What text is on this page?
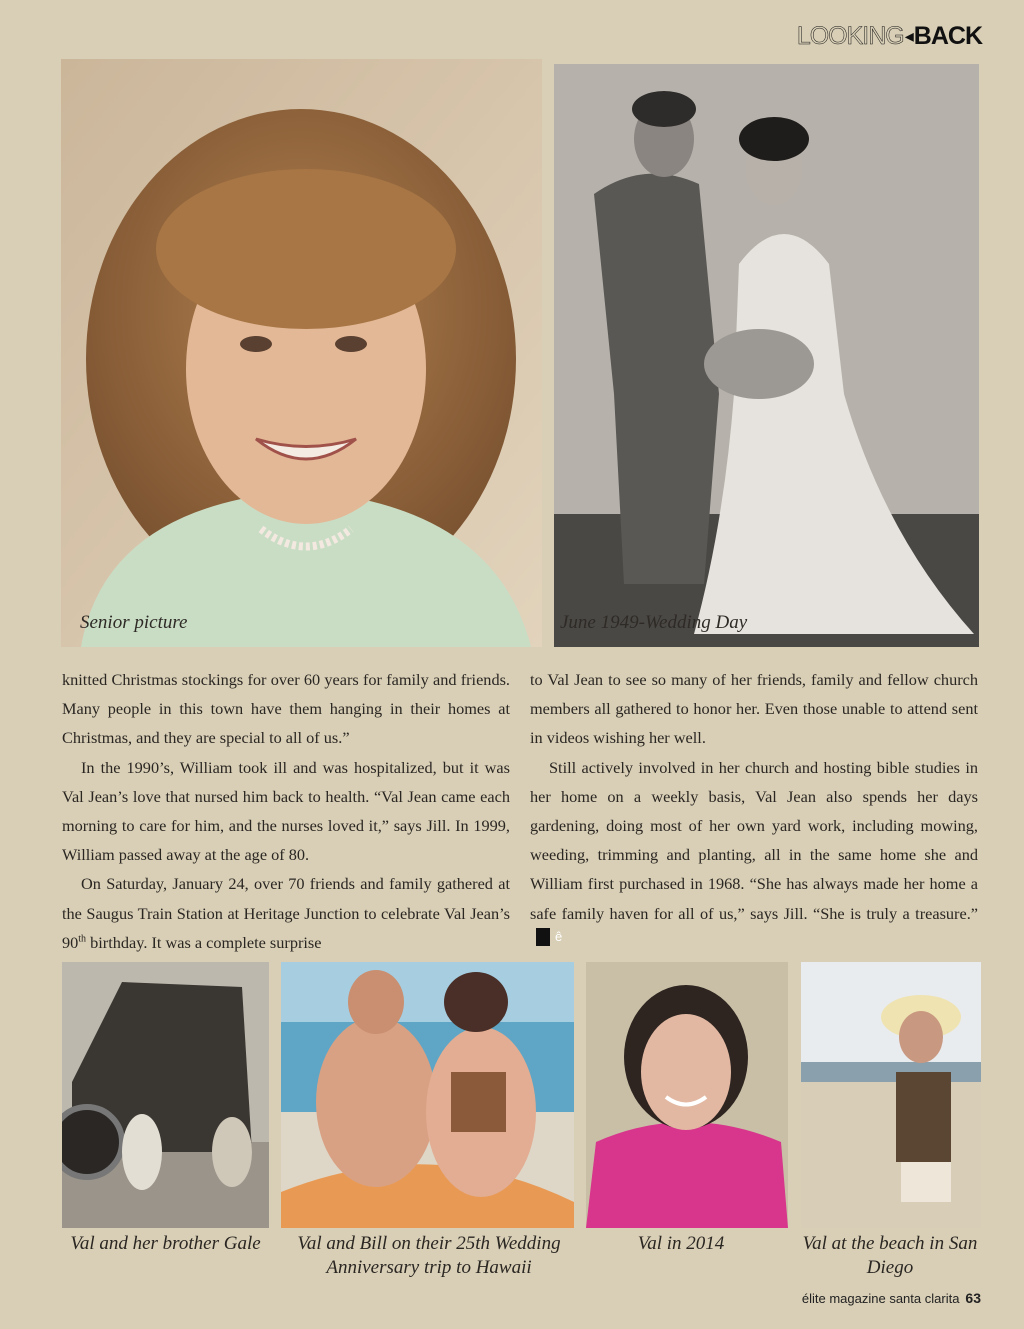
LOOKING ◂ BACK
Senior picture	June 1949-Wedding Day

knitted Christmas stockings for over 60 years for family and friends. Many people in this town have them hanging in their homes at Christmas, and they are special to all of us.”

In the 1990’s, William took ill and was hospitalized, but it was Val Jean’s love that nursed him back to health. “Val Jean came each morning to care for him, and the nurses loved it,” says Jill. In 1999, William passed away at the age of 80.

On Saturday, January 24, over 70 friends and family gathered at the Saugus Train Station at Heritage Junction to celebrate Val Jean’s 90th birthday. It was a complete surprise

to Val Jean to see so many of her friends, family and fellow church members all gathered to honor her. Even those unable to attend sent in videos wishing her well.

Still actively involved in her church and hosting bible studies in her home on a weekly basis, Val Jean also spends her days gardening, doing most of her own yard work, including mowing, weeding, trimming and planting, all in the same home she and William first purchased in 1968. “She has always made her home a safe family haven for all of us,” says Jill. “She is truly a treasure.”ê

Val and her brother Gale	Val and Bill on their 25th Wedding Anniversary trip to Hawaii
Val in 2014	Val at the beach in San Diego
élite magazine santa clarita 63
